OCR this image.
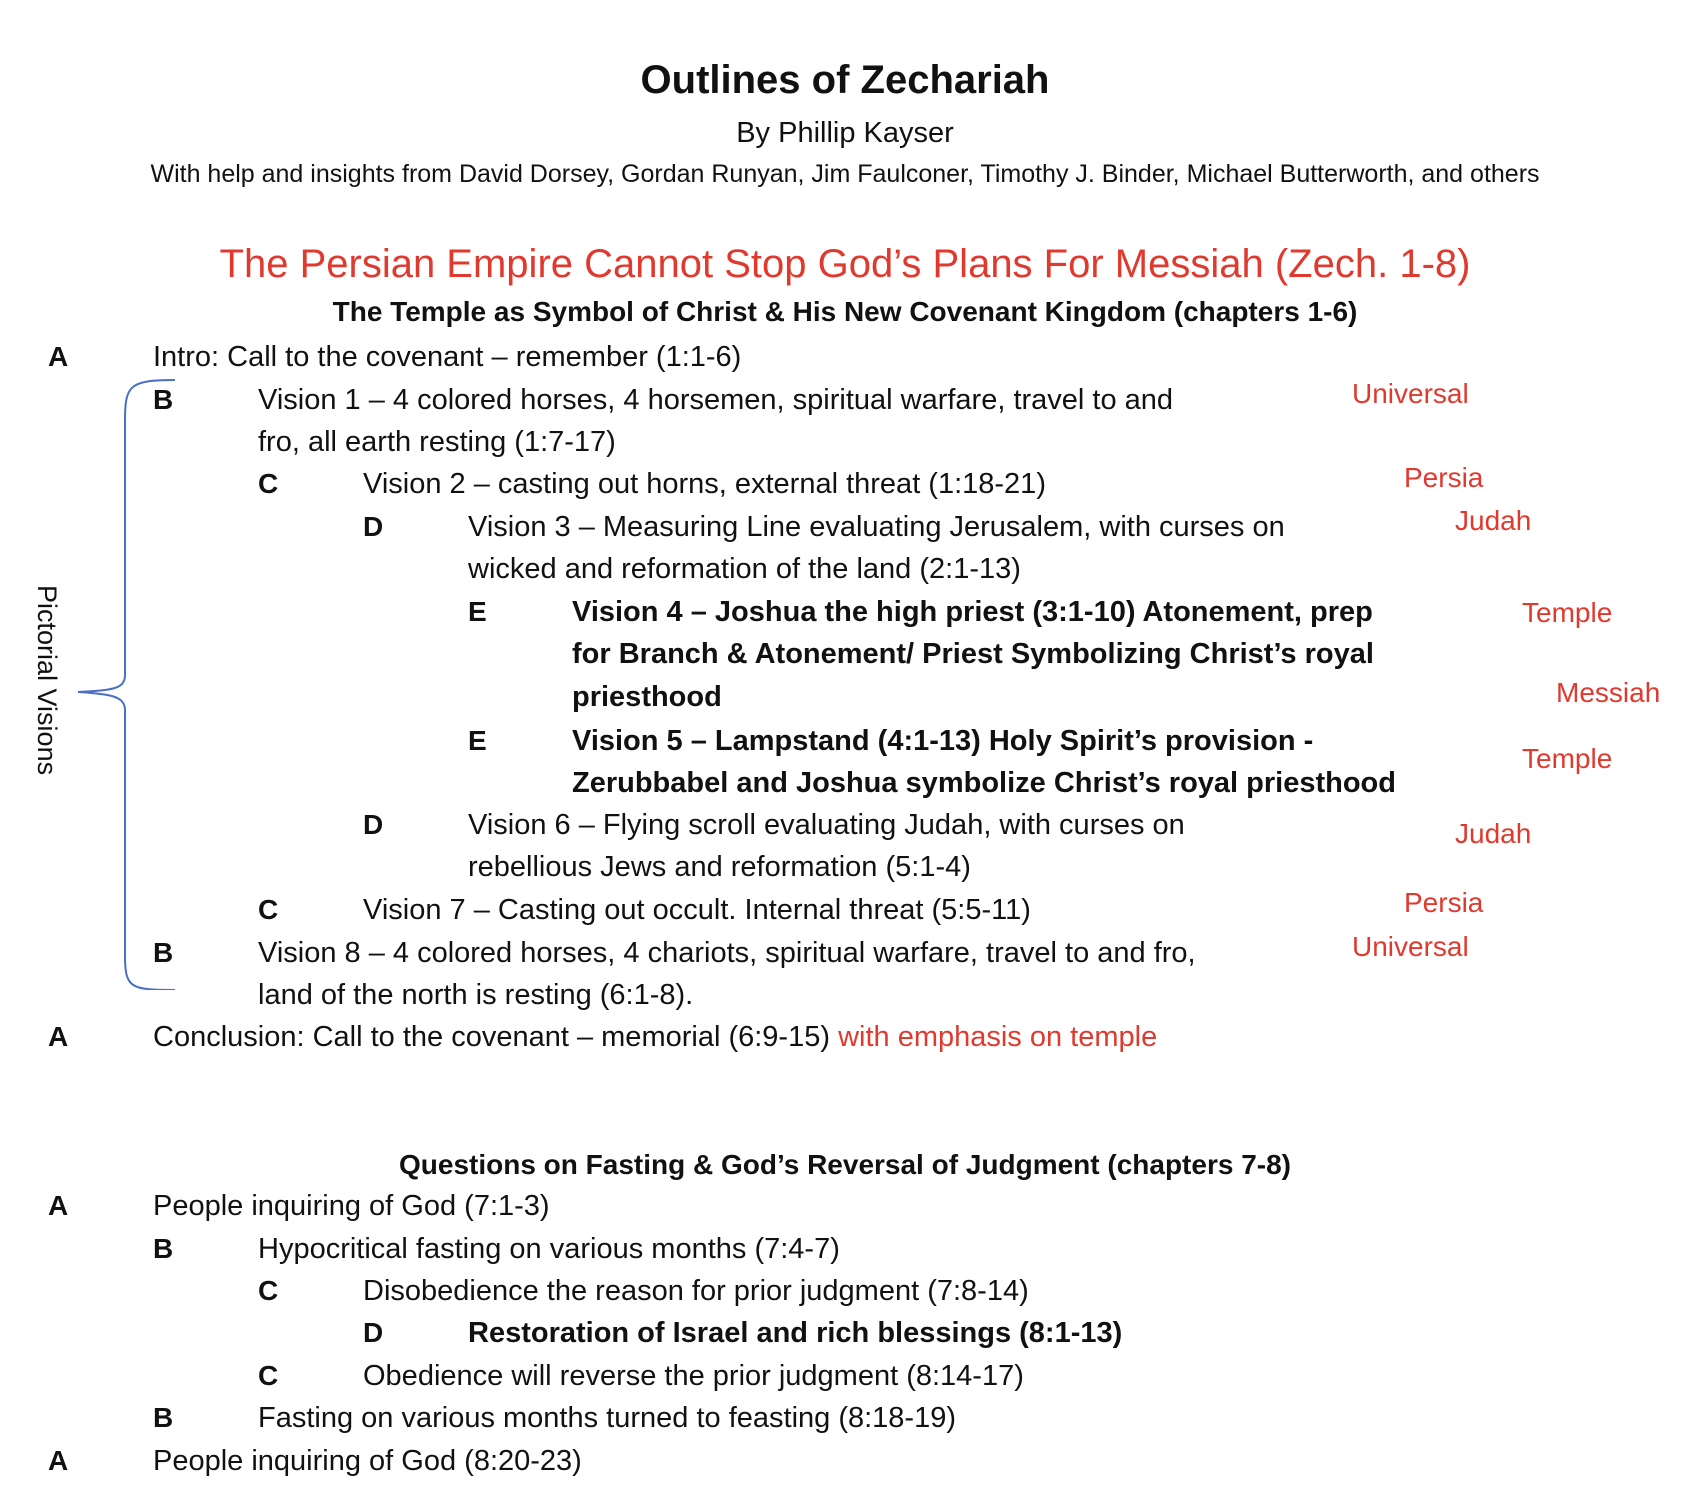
Outlines of Zechariah
By Phillip Kayser
With help and insights from David Dorsey, Gordan Runyan, Jim Faulconer, Timothy J. Binder, Michael Butterworth, and others
The Persian Empire Cannot Stop God’s Plans For Messiah (Zech. 1-8)
The Temple as Symbol of Christ & His New Covenant Kingdom (chapters 1-6)
Pictorial Visions
A	Intro: Call to the covenant – remember (1:1-6)
B	Vision 1 – 4 colored horses, 4 horsemen, spiritual warfare, travel to and
fro, all earth resting (1:7-17)
C	Vision 2 – casting out horns, external threat (1:18-21)
D	Vision 3 – Measuring Line evaluating Jerusalem, with curses on
wicked and reformation of the land (2:1-13)
E	Vision 4 – Joshua the high priest (3:1-10) Atonement, prep
for Branch & Atonement/ Priest Symbolizing Christ’s royal
priesthood
E	Vision 5 – Lampstand (4:1-13) Holy Spirit’s provision -
Zerubbabel and Joshua symbolize Christ’s royal priesthood
D	Vision 6 – Flying scroll evaluating Judah, with curses on
rebellious Jews and reformation (5:1-4)
C	Vision 7 – Casting out occult. Internal threat (5:5-11)
B	Vision 8 – 4 colored horses, 4 chariots, spiritual warfare, travel to and fro,
land of the north is resting (6:1-8).
A	Conclusion: Call to the covenant – memorial (6:9-15) with emphasis on temple
Universal
Persia
Judah
Temple
Messiah
Temple
Judah
Persia
Universal
Questions on Fasting & God’s Reversal of Judgment (chapters 7-8)
A	People inquiring of God (7:1-3)
B	Hypocritical fasting on various months (7:4-7)
C	Disobedience the reason for prior judgment (7:8-14)
D	Restoration of Israel and rich blessings (8:1-13)
C	Obedience will reverse the prior judgment (8:14-17)
B	Fasting on various months turned to feasting (8:18-19)
A	People inquiring of God (8:20-23)
